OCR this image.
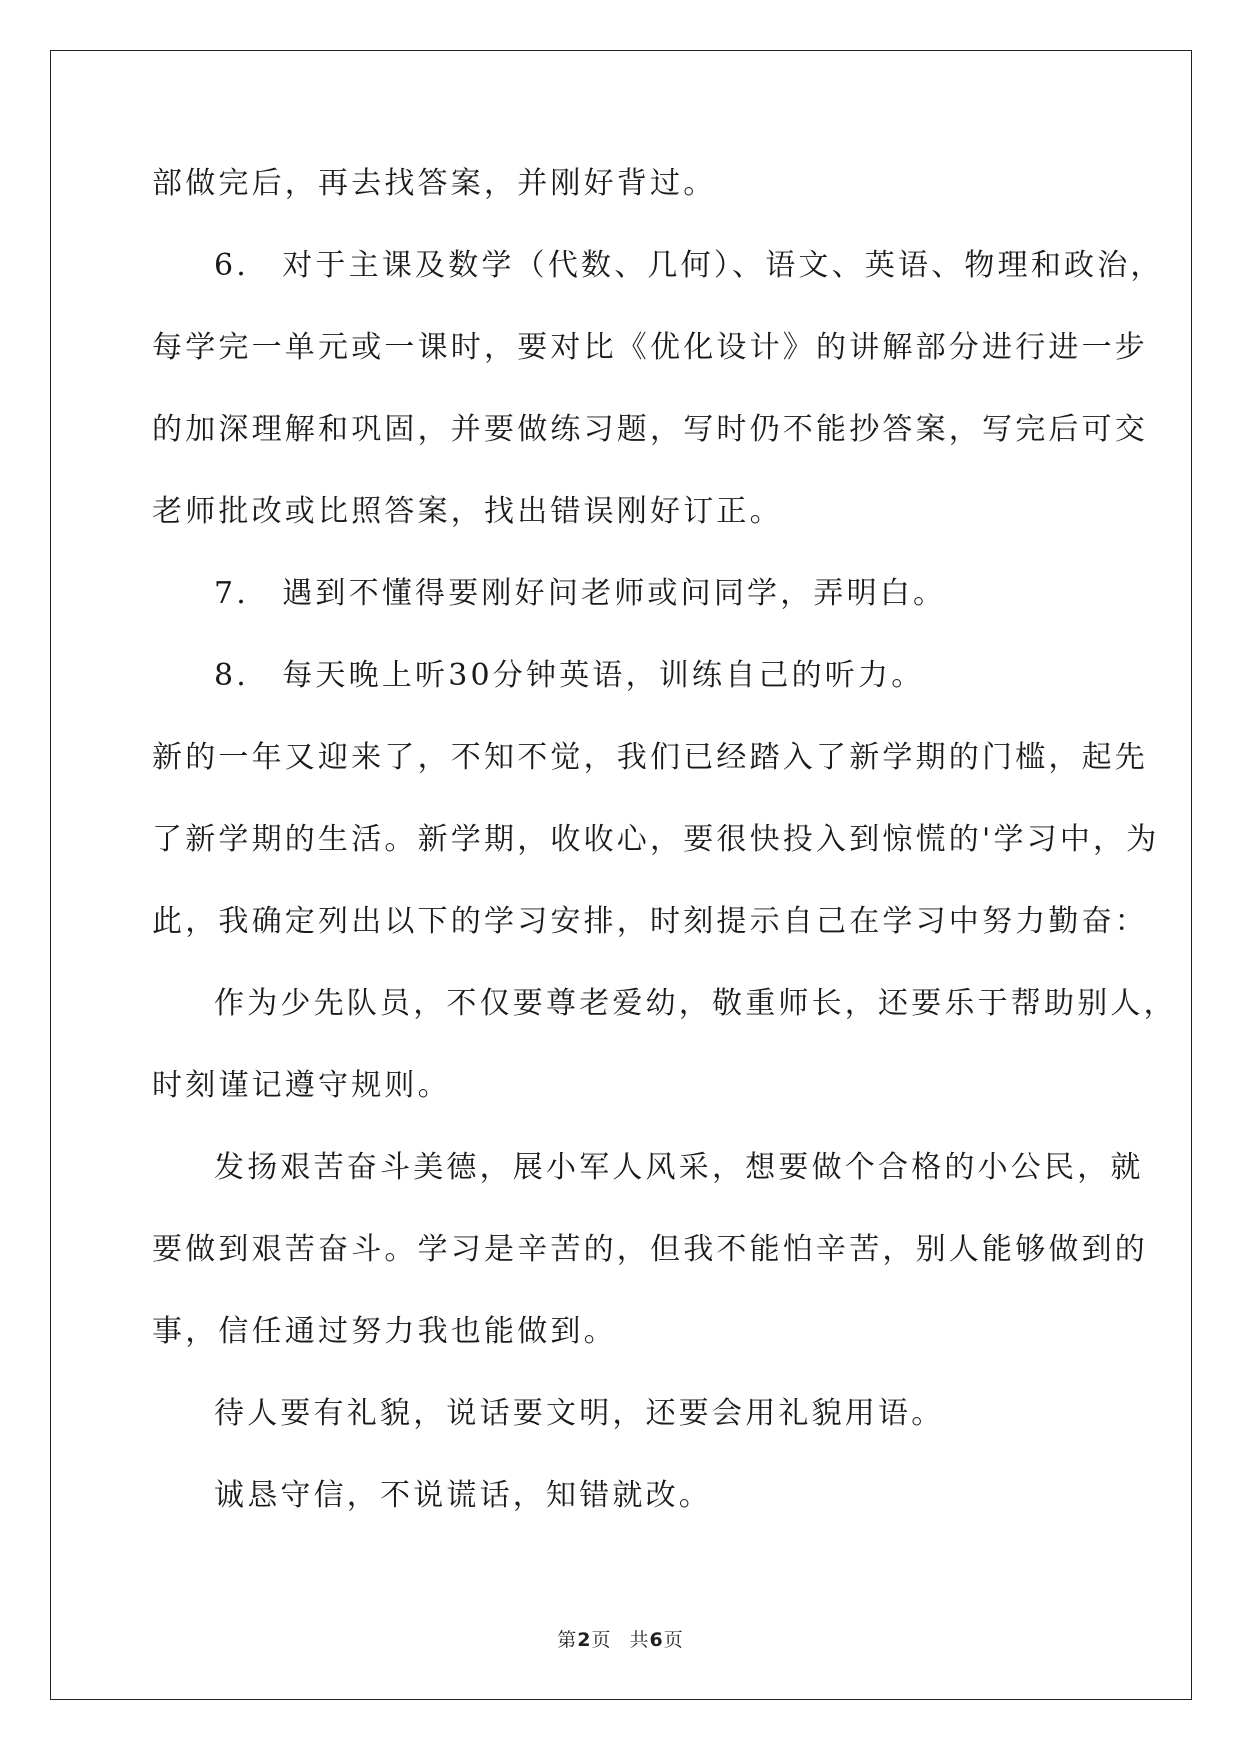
部做完后，再去找答案，并刚好背过。
6.　对于主课及数学（代数、几何）、语文、英语、物理和政治，
每学完一单元或一课时，要对比《优化设计》的讲解部分进行进一步
的加深理解和巩固，并要做练习题，写时仍不能抄答案，写完后可交
老师批改或比照答案，找出错误刚好订正。
7.　遇到不懂得要刚好问老师或问同学，弄明白。
8.　每天晚上听30分钟英语，训练自己的听力。
新的一年又迎来了，不知不觉，我们已经踏入了新学期的门槛，起先
了新学期的生活。新学期，收收心，要很快投入到惊慌的'学习中，为
此，我确定列出以下的学习安排，时刻提示自己在学习中努力勤奋：
作为少先队员，不仅要尊老爱幼，敬重师长，还要乐于帮助别人，
时刻谨记遵守规则。
发扬艰苦奋斗美德，展小军人风采，想要做个合格的小公民，就
要做到艰苦奋斗。学习是辛苦的，但我不能怕辛苦，别人能够做到的
事，信任通过努力我也能做到。
待人要有礼貌，说话要文明，还要会用礼貌用语。
诚恳守信，不说谎话，知错就改。
第2页 共6页
